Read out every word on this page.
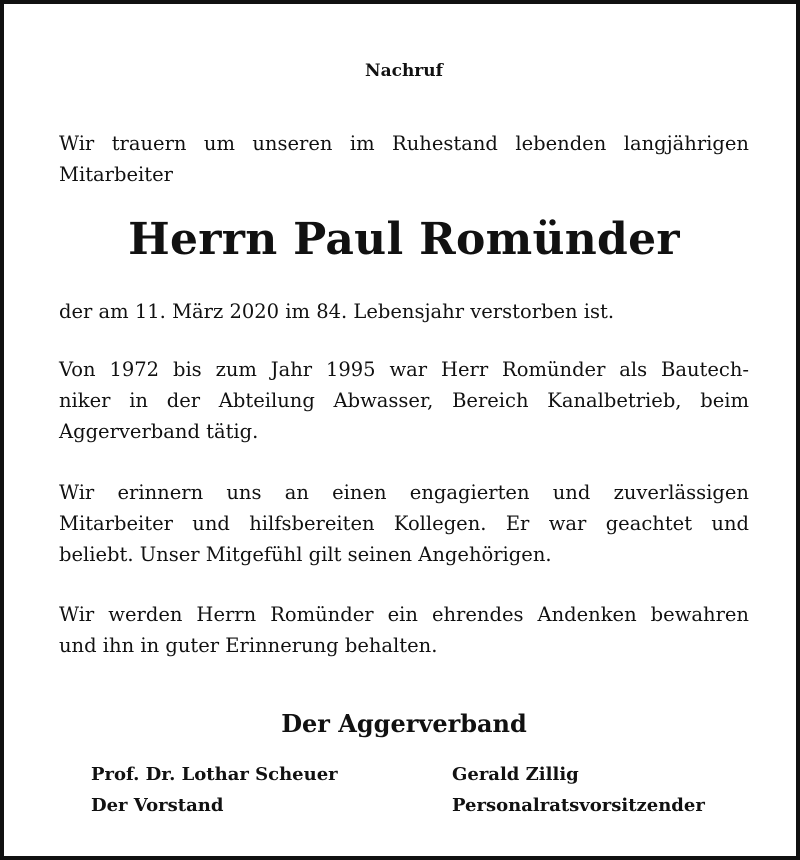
Nachruf
Wir trauern um unseren im Ruhestand lebenden langjährigen
Mitarbeiter
Herrn Paul Romünder
der am 11. März 2020 im 84. Lebensjahr verstorben ist.
Von 1972 bis zum Jahr 1995 war Herr Romünder als Bautech-
niker in der Abteilung Abwasser, Bereich Kanalbetrieb, beim
Aggerverband tätig.
Wir erinnern uns an einen engagierten und zuverlässigen
Mitarbeiter und hilfsbereiten Kollegen. Er war geachtet und
beliebt. Unser Mitgefühl gilt seinen Angehörigen.
Wir werden Herrn Romünder ein ehrendes Andenken bewahren
und ihn in guter Erinnerung behalten.
Der Aggerverband
Prof. Dr. Lothar Scheuer
Der Vorstand
Gerald Zillig
Personalratsvorsitzender
